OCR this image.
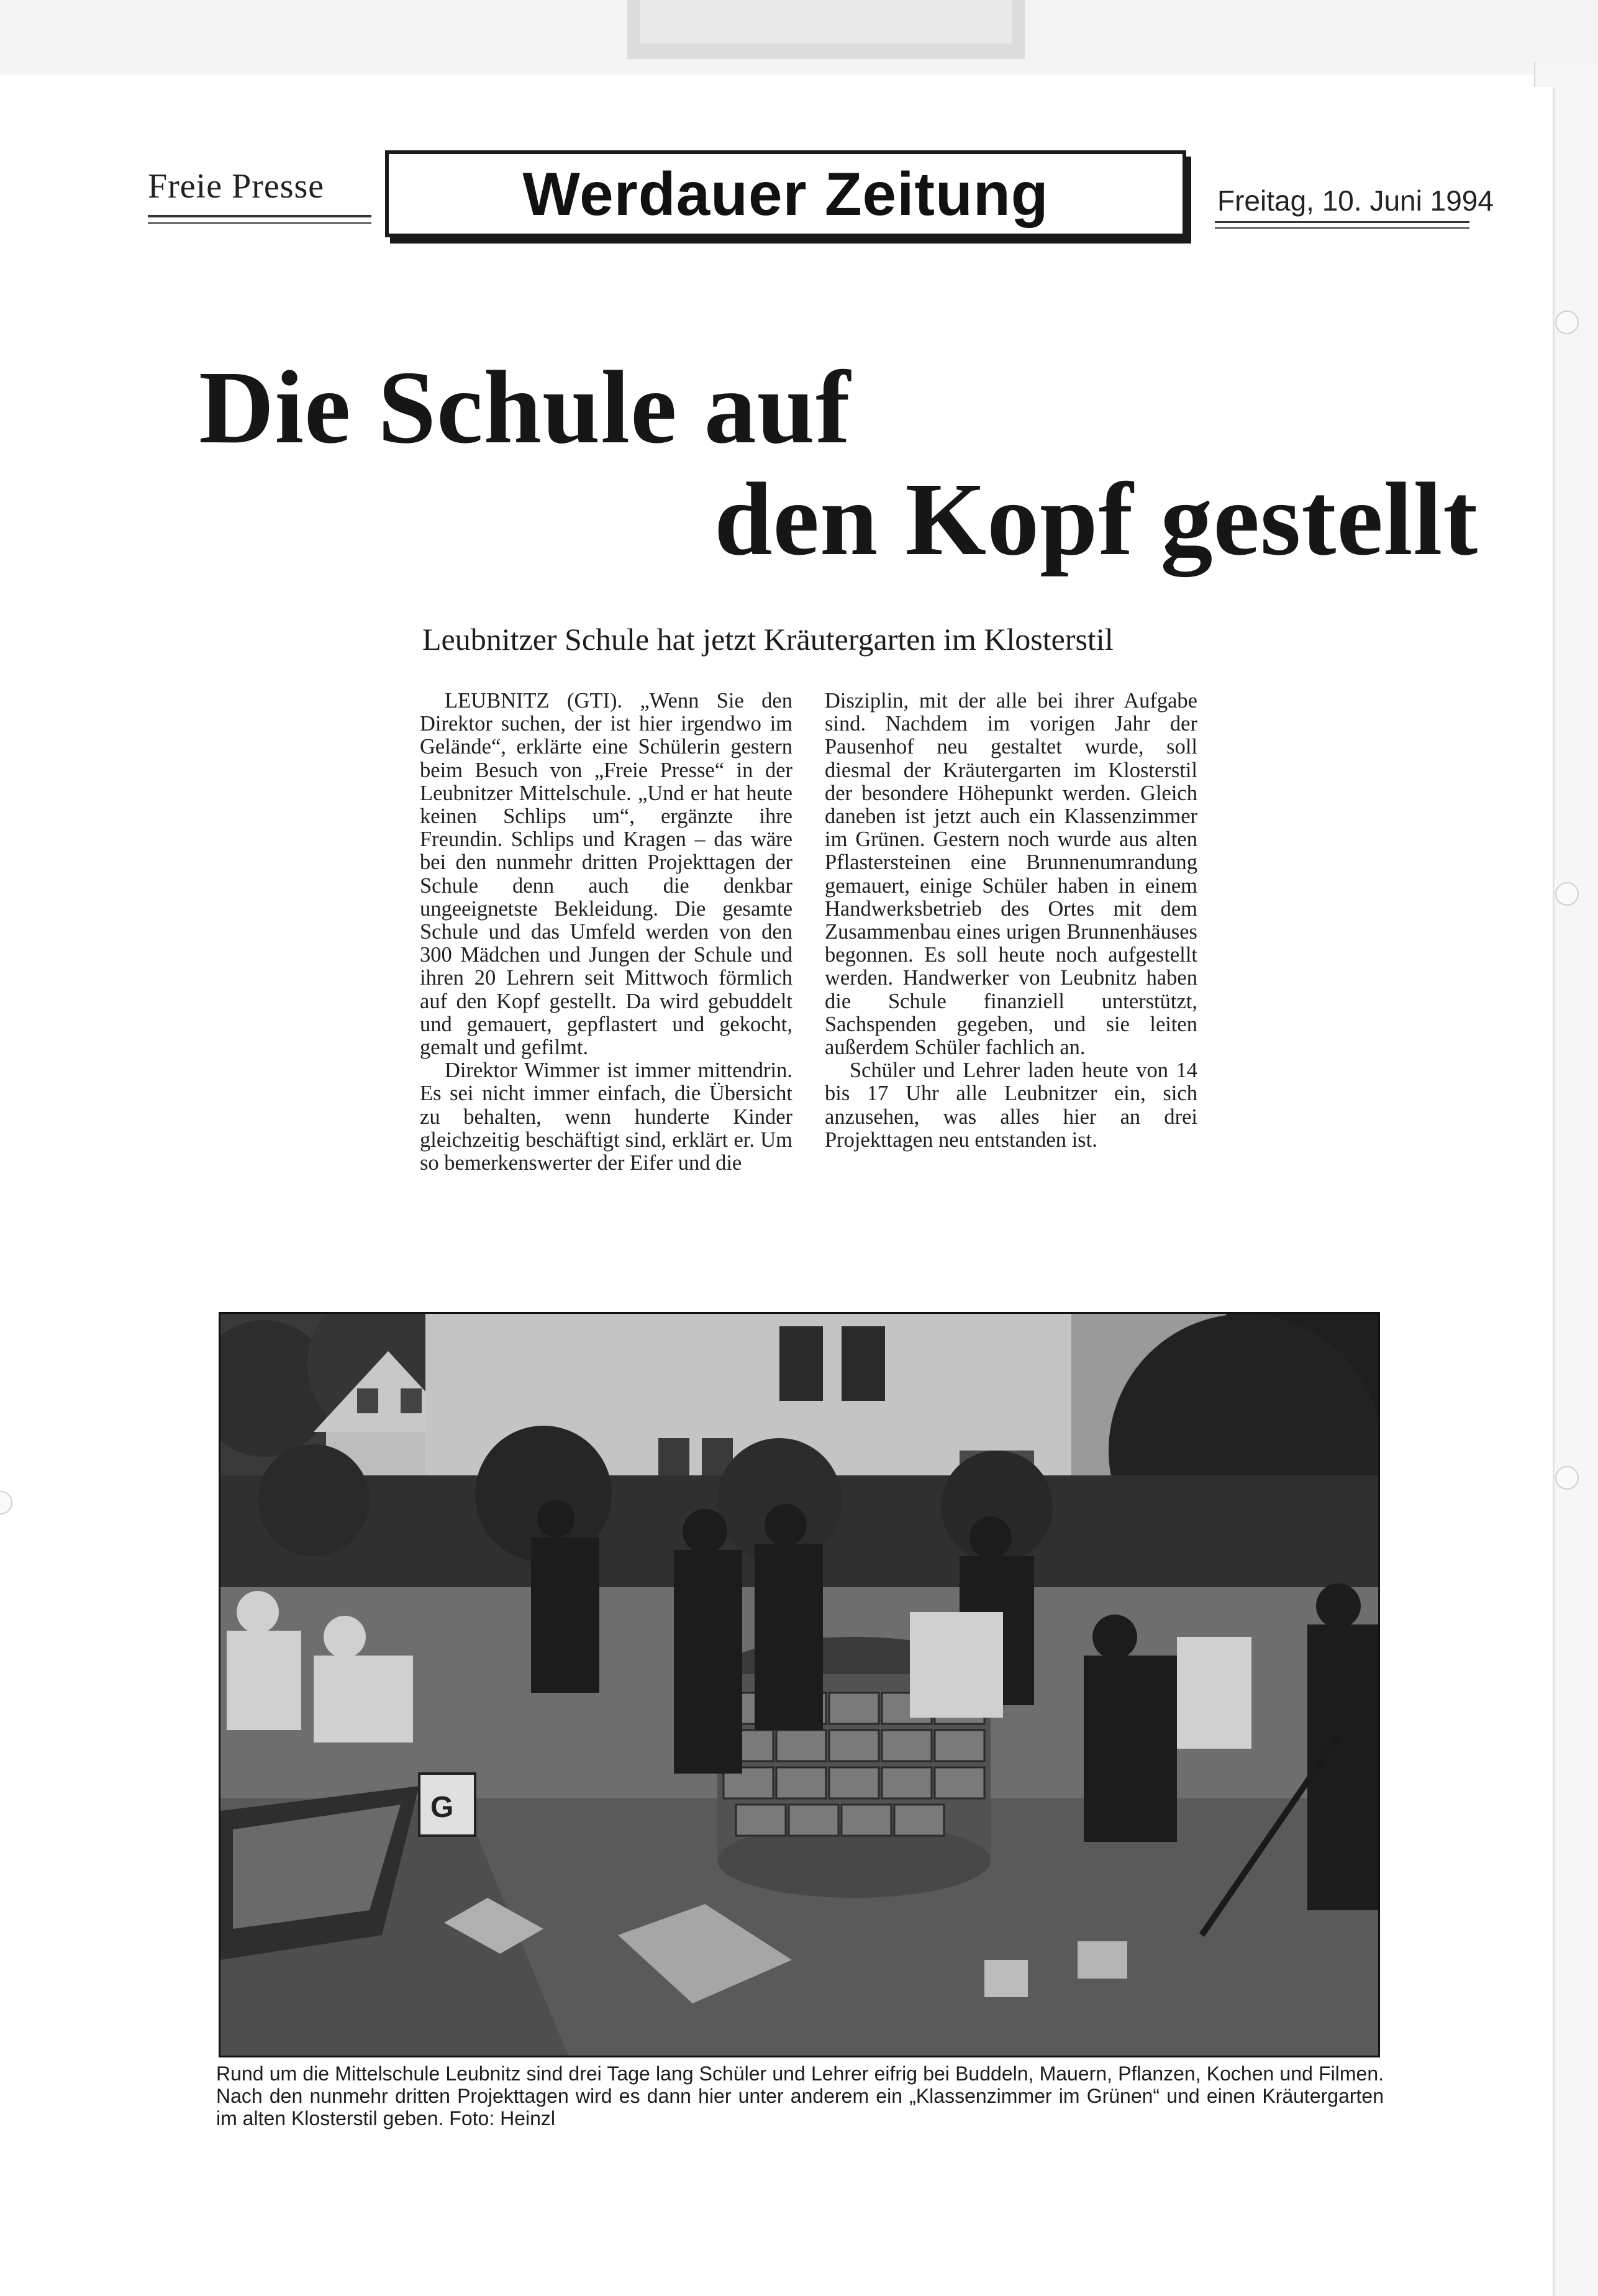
Freie Presse	Werdauer Zeitung	Freitag, 10. Juni 1994
Die Schule auf
den Kopf gestellt
Leubnitzer Schule hat jetzt Kräutergarten im Klosterstil

LEUBNITZ (GTI). „Wenn Sie den Direktor suchen, der ist hier irgendwo im Gelände“, erklärte eine Schülerin gestern beim Besuch von „Freie Presse“ in der Leubnitzer Mittelschule. „Und er hat heute keinen Schlips um“, ergänzte ihre Freundin. Schlips und Kragen – das wäre bei den nunmehr dritten Projekttagen der Schule denn auch die denkbar ungeeignetste Bekleidung. Die gesamte Schule und das Umfeld werden von den 300 Mädchen und Jungen der Schule und ihren 20 Lehrern seit Mittwoch förmlich auf den Kopf gestellt. Da wird gebuddelt und gemauert, gepflastert und gekocht, gemalt und gefilmt.

Direktor Wimmer ist immer mittendrin. Es sei nicht immer einfach, die Übersicht zu behalten, wenn hunderte Kinder gleichzeitig beschäftigt sind, erklärt er. Um so bemerkenswerter der Eifer und die

Disziplin, mit der alle bei ihrer Aufgabe sind. Nachdem im vorigen Jahr der Pausenhof neu gestaltet wurde, soll diesmal der Kräutergarten im Klosterstil der besondere Höhepunkt werden. Gleich daneben ist jetzt auch ein Klassenzimmer im Grünen. Gestern noch wurde aus alten Pflastersteinen eine Brunnenumrandung gemauert, einige Schüler haben in einem Handwerksbetrieb des Ortes mit dem Zusammenbau eines urigen Brunnenhäuses begonnen. Es soll heute noch aufgestellt werden. Handwerker von Leubnitz haben die Schule finanziell unterstützt, Sachspenden gegeben, und sie leiten außerdem Schüler fachlich an.

Schüler und Lehrer laden heute von 14 bis 17 Uhr alle Leubnitzer ein, sich anzusehen, was alles hier an drei Projekttagen neu entstanden ist.

G
Rund um die Mittelschule Leubnitz sind drei Tage lang Schüler und Lehrer eifrig bei Buddeln, Mauern, Pflanzen, Kochen und Filmen. Nach den nunmehr dritten Projekttagen wird es dann hier unter anderem ein „Klassenzimmer im Grünen“ und einen Kräutergarten im alten Klosterstil geben. Foto: Heinzl
